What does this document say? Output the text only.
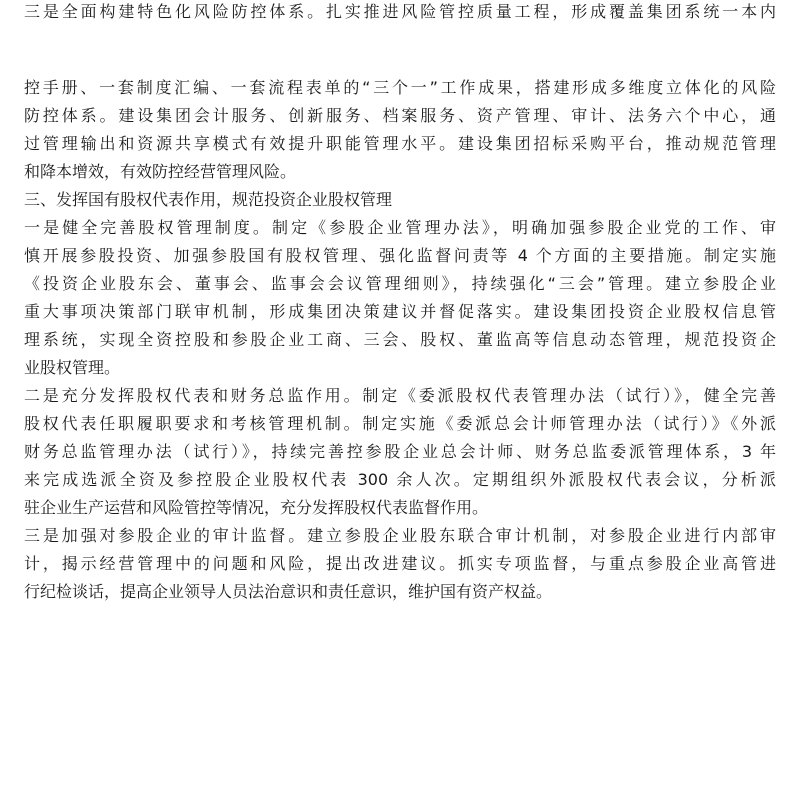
三是全面构建特色化风险防控体系。扎实推进风险管控质量工程，形成覆盖集团系统一本内
控手册、一套制度汇编、一套流程表单的“三个一”工作成果，搭建形成多维度立体化的风险
防控体系。建设集团会计服务、创新服务、档案服务、资产管理、审计、法务六个中心，通
过管理输出和资源共享模式有效提升职能管理水平。建设集团招标采购平台，推动规范管理
和降本增效，有效防控经营管理风险。
三、发挥国有股权代表作用，规范投资企业股权管理
一是健全完善股权管理制度。制定《参股企业管理办法》，明确加强参股企业党的工作、审
慎开展参股投资、加强参股国有股权管理、强化监督问责等 4 个方面的主要措施。制定实施
《投资企业股东会、董事会、监事会会议管理细则》，持续强化“三会”管理。建立参股企业
重大事项决策部门联审机制，形成集团决策建议并督促落实。建设集团投资企业股权信息管
理系统，实现全资控股和参股企业工商、三会、股权、董监高等信息动态管理，规范投资企
业股权管理。
二是充分发挥股权代表和财务总监作用。制定《委派股权代表管理办法（试行）》，健全完善
股权代表任职履职要求和考核管理机制。制定实施《委派总会计师管理办法（试行）》《外派
财务总监管理办法（试行）》，持续完善控参股企业总会计师、财务总监委派管理体系，3 年
来完成选派全资及参控股企业股权代表 300 余人次。定期组织外派股权代表会议，分析派
驻企业生产运营和风险管控等情况，充分发挥股权代表监督作用。
三是加强对参股企业的审计监督。建立参股企业股东联合审计机制，对参股企业进行内部审
计，揭示经营管理中的问题和风险，提出改进建议。抓实专项监督，与重点参股企业高管进
行纪检谈话，提高企业领导人员法治意识和责任意识，维护国有资产权益。
